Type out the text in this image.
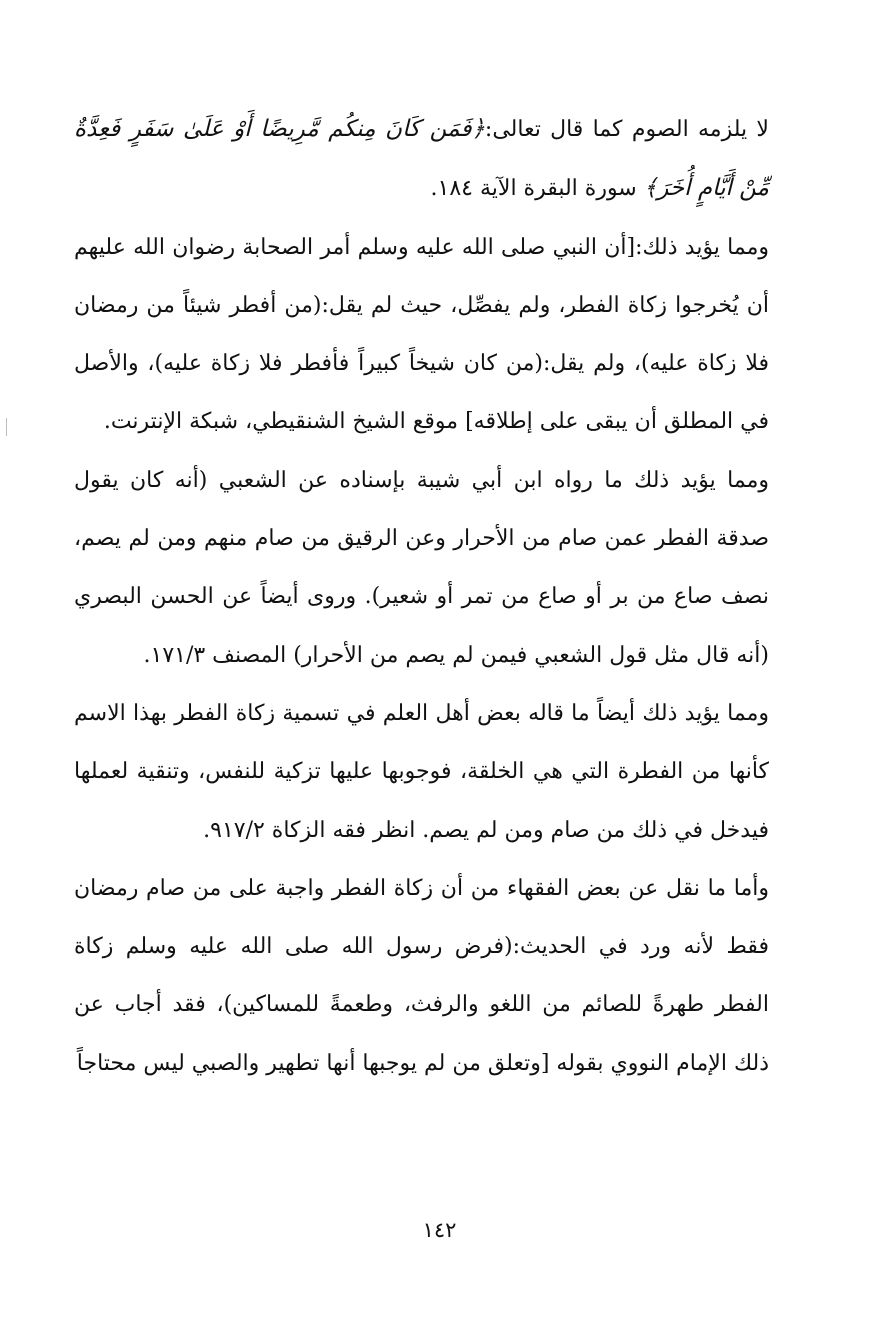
لا يلزمه الصوم كما قال تعالى:﴿فَمَن كَانَ مِنكُم مَّرِيضًا أَوْ عَلَىٰ سَفَرٍ فَعِدَّةٌ مِّنْ أَيَّامٍ أُخَرَ﴾ سورة البقرة الآية ١٨٤.

ومما يؤيد ذلك:[أن النبي صلى الله عليه وسلم أمر الصحابة رضوان الله عليهم أن يُخرجوا زكاة الفطر، ولم يفصِّل، حيث لم يقل:(من أفطر شيئاً من رمضان فلا زكاة عليه)، ولم يقل:(من كان شيخاً كبيراً فأفطر فلا زكاة عليه)، والأصل في المطلق أن يبقى على إطلاقه] موقع الشيخ الشنقيطي، شبكة الإنترنت.

ومما يؤيد ذلك ما رواه ابن أبي شيبة بإسناده عن الشعبي (أنه كان يقول صدقة الفطر عمن صام من الأحرار وعن الرقيق من صام منهم ومن لم يصم، نصف صاع من بر أو صاع من تمر أو شعير). وروى أيضاً عن الحسن البصري (أنه قال مثل قول الشعبي فيمن لم يصم من الأحرار) المصنف ١٧١/٣.

ومما يؤيد ذلك أيضاً ما قاله بعض أهل العلم في تسمية زكاة الفطر بهذا الاسم كأنها من الفطرة التي هي الخلقة، فوجوبها عليها تزكية للنفس، وتنقية لعملها فيدخل في ذلك من صام ومن لم يصم. انظر فقه الزكاة ٩١٧/٢.

وأما ما نقل عن بعض الفقهاء من أن زكاة الفطر واجبة على من صام رمضان فقط لأنه ورد في الحديث:(فرض رسول الله صلى الله عليه وسلم زكاة الفطر طهرةً للصائم من اللغو والرفث، وطعمةً للمساكين)، فقد أجاب عن ذلك الإمام النووي بقوله [وتعلق من لم يوجبها أنها تطهير والصبي ليس محتاجاً

١٤٢
